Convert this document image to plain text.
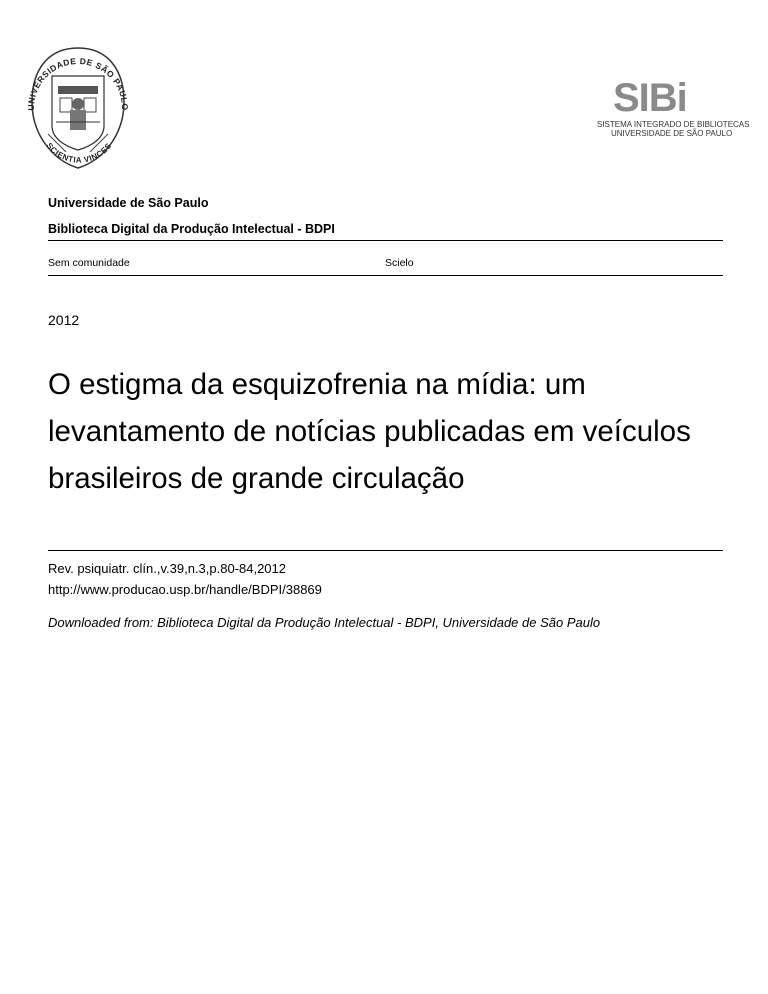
UNIVERSIDADE DE SÃO PAULO
SCIENTIA VINCES
SIBi
SISTEMA INTEGRADO DE BIBLIOTECAS
UNIVERSIDADE DE SÃO PAULO
Universidade de São Paulo
Biblioteca Digital da Produção Intelectual - BDPI
Sem comunidade	Scielo
2012
O estigma da esquizofrenia na mídia: um levantamento de notícias publicadas em veículos brasileiros de grande circulação
Rev. psiquiatr. clín.,v.39,n.3,p.80-84,2012
http://www.producao.usp.br/handle/BDPI/38869
Downloaded from: Biblioteca Digital da Produção Intelectual - BDPI, Universidade de São Paulo
